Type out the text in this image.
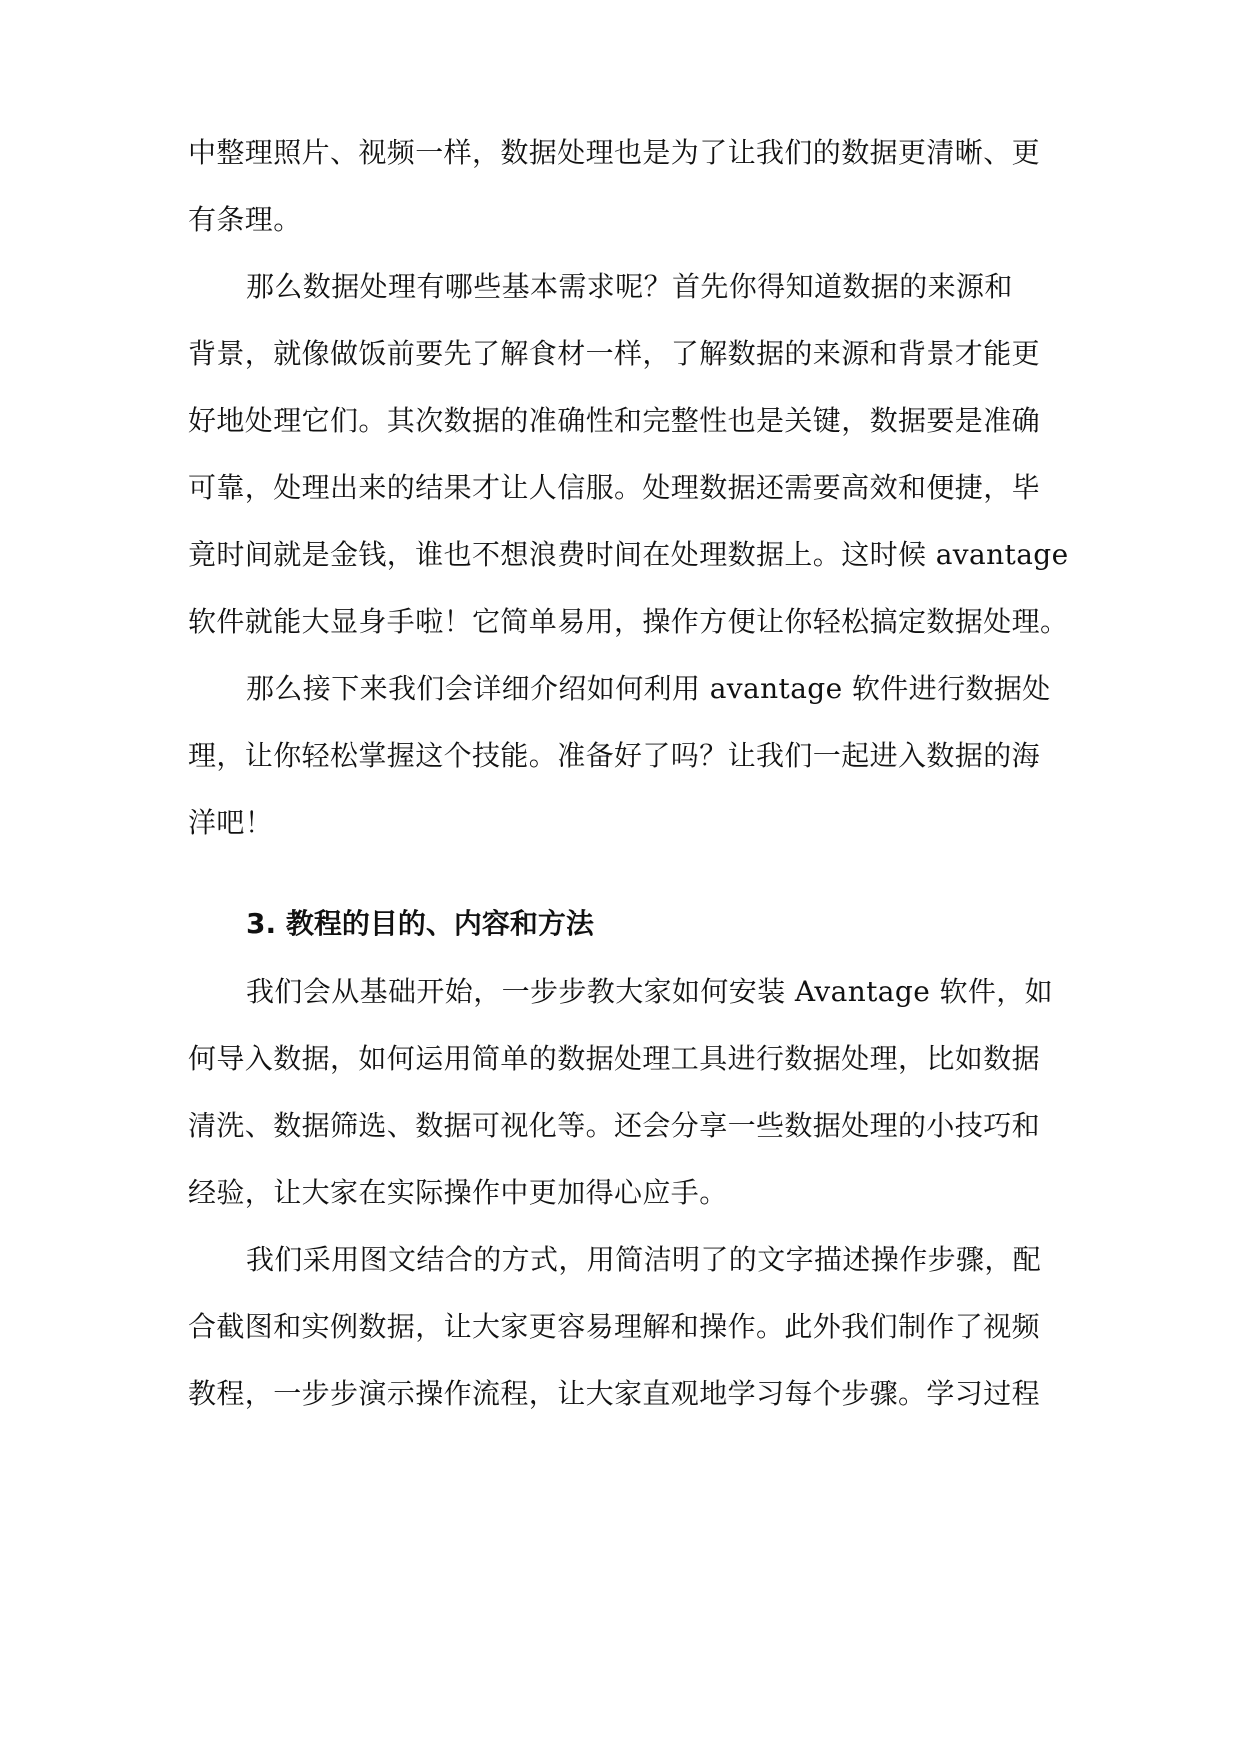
中整理照片、视频一样，数据处理也是为了让我们的数据更清晰、更
有条理。
那么数据处理有哪些基本需求呢？首先你得知道数据的来源和
背景，就像做饭前要先了解食材一样，了解数据的来源和背景才能更
好地处理它们。其次数据的准确性和完整性也是关键，数据要是准确
可靠，处理出来的结果才让人信服。处理数据还需要高效和便捷，毕
竟时间就是金钱，谁也不想浪费时间在处理数据上。这时候 avantage
软件就能大显身手啦！它简单易用，操作方便让你轻松搞定数据处理。
那么接下来我们会详细介绍如何利用 avantage 软件进行数据处
理，让你轻松掌握这个技能。准备好了吗？让我们一起进入数据的海
洋吧！
3. 教程的目的、内容和方法
我们会从基础开始，一步步教大家如何安装 Avantage 软件，如
何导入数据，如何运用简单的数据处理工具进行数据处理，比如数据
清洗、数据筛选、数据可视化等。还会分享一些数据处理的小技巧和
经验，让大家在实际操作中更加得心应手。
我们采用图文结合的方式，用简洁明了的文字描述操作步骤，配
合截图和实例数据，让大家更容易理解和操作。此外我们制作了视频
教程，一步步演示操作流程，让大家直观地学习每个步骤。学习过程
